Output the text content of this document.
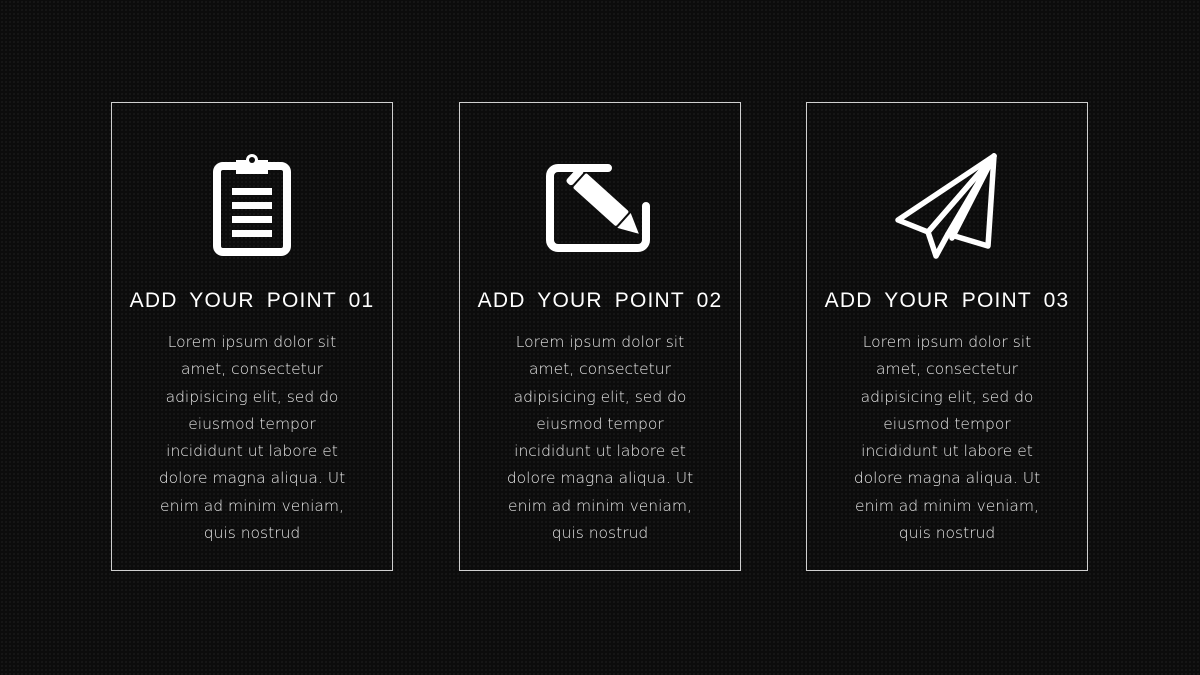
ADD YOUR POINT 01
Lorem ipsum dolor sit amet, consectetur adipisicing elit, sed do eiusmod tempor incididunt ut labore et dolore magna aliqua. Ut enim ad minim veniam, quis nostrud
ADD YOUR POINT 02
Lorem ipsum dolor sit amet, consectetur adipisicing elit, sed do eiusmod tempor incididunt ut labore et dolore magna aliqua. Ut enim ad minim veniam, quis nostrud
ADD YOUR POINT 03
Lorem ipsum dolor sit amet, consectetur adipisicing elit, sed do eiusmod tempor incididunt ut labore et dolore magna aliqua. Ut enim ad minim veniam, quis nostrud
